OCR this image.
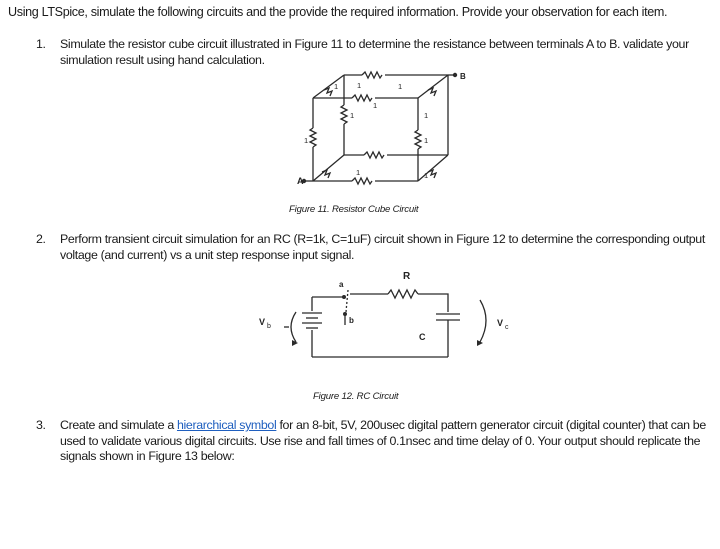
Using LTSpice, simulate the following circuits and the provide the required information. Provide your observation for each item.
1. Simulate the resistor cube circuit illustrated in Figure 11 to determine the resistance between terminals A to B. validate your
simulation result using hand calculation.
A
B
1	1	1
1
1	1
1	1
1	1
Figure 11. Resistor Cube Circuit
2. Perform transient circuit simulation for an RC (R=1k, C=1uF) circuit shown in Figure 12 to determine the corresponding output
voltage (and current) vs a unit step response input signal.
R
a
b
C
V b	V c
Figure 12. RC Circuit
3. Create and simulate a hierarchical symbol for an 8-bit, 5V, 200usec digital pattern generator circuit (digital counter) that can be
used to validate various digital circuits. Use rise and fall times of 0.1nsec and time delay of 0. Your output should replicate the
signals shown in Figure 13 below:
